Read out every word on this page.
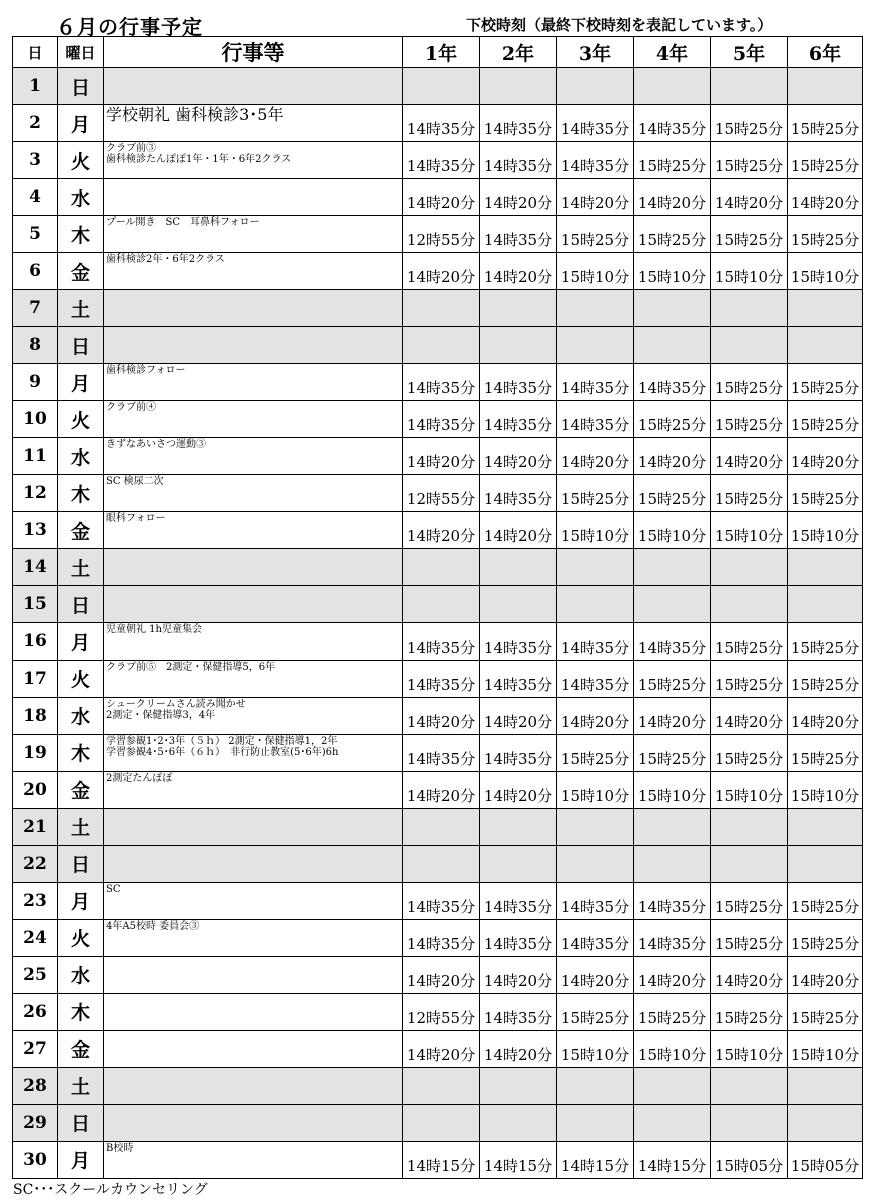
６月の行事予定	下校時刻（最終下校時刻を表記しています。）
日	曜日	行事等	1年	2年	3年	4年	5年	6年
1	日							
2	月	学校朝礼 歯科検診3･5年	14時35分	14時35分	14時35分	14時35分	15時25分	15時25分
3	火	クラブ前③
歯科検診たんぽぽ1年・1年・6年2クラス	14時35分	14時35分	14時35分	15時25分	15時25分	15時25分
4	水		14時20分	14時20分	14時20分	14時20分	14時20分	14時20分
5	木	プール開き　SC　耳鼻科フォロー	12時55分	14時35分	15時25分	15時25分	15時25分	15時25分
6	金	歯科検診2年・6年2クラス	14時20分	14時20分	15時10分	15時10分	15時10分	15時10分
7	土							
8	日							
9	月	歯科検診フォロー	14時35分	14時35分	14時35分	14時35分	15時25分	15時25分
10	火	クラブ前④	14時35分	14時35分	14時35分	15時25分	15時25分	15時25分
11	水	きずなあいさつ運動③	14時20分	14時20分	14時20分	14時20分	14時20分	14時20分
12	木	SC 検尿二次	12時55分	14時35分	15時25分	15時25分	15時25分	15時25分
13	金	眼科フォロー	14時20分	14時20分	15時10分	15時10分	15時10分	15時10分
14	土							
15	日							
16	月	児童朝礼 1h児童集会	14時35分	14時35分	14時35分	14時35分	15時25分	15時25分
17	火	クラブ前⑤　2測定・保健指導5，6年	14時35分	14時35分	14時35分	15時25分	15時25分	15時25分
18	水	シュークリームさん読み聞かせ
2測定・保健指導3，4年	14時20分	14時20分	14時20分	14時20分	14時20分	14時20分
19	木	学習参観1･2･3年（５ｈ） 2測定・保健指導1，2年
学習参観4･5･6年（６ｈ）　非行防止教室(5･6年)6h	14時35分	14時35分	15時25分	15時25分	15時25分	15時25分
20	金	2測定たんぽぽ	14時20分	14時20分	15時10分	15時10分	15時10分	15時10分
21	土							
22	日							
23	月	SC	14時35分	14時35分	14時35分	14時35分	15時25分	15時25分
24	火	4年A5校時 委員会③	14時35分	14時35分	14時35分	14時35分	15時25分	15時25分
25	水		14時20分	14時20分	14時20分	14時20分	14時20分	14時20分
26	木		12時55分	14時35分	15時25分	15時25分	15時25分	15時25分
27	金		14時20分	14時20分	15時10分	15時10分	15時10分	15時10分
28	土							
29	日							
30	月	B校時	14時15分	14時15分	14時15分	14時15分	15時05分	15時05分
SC･･･スクールカウンセリング
